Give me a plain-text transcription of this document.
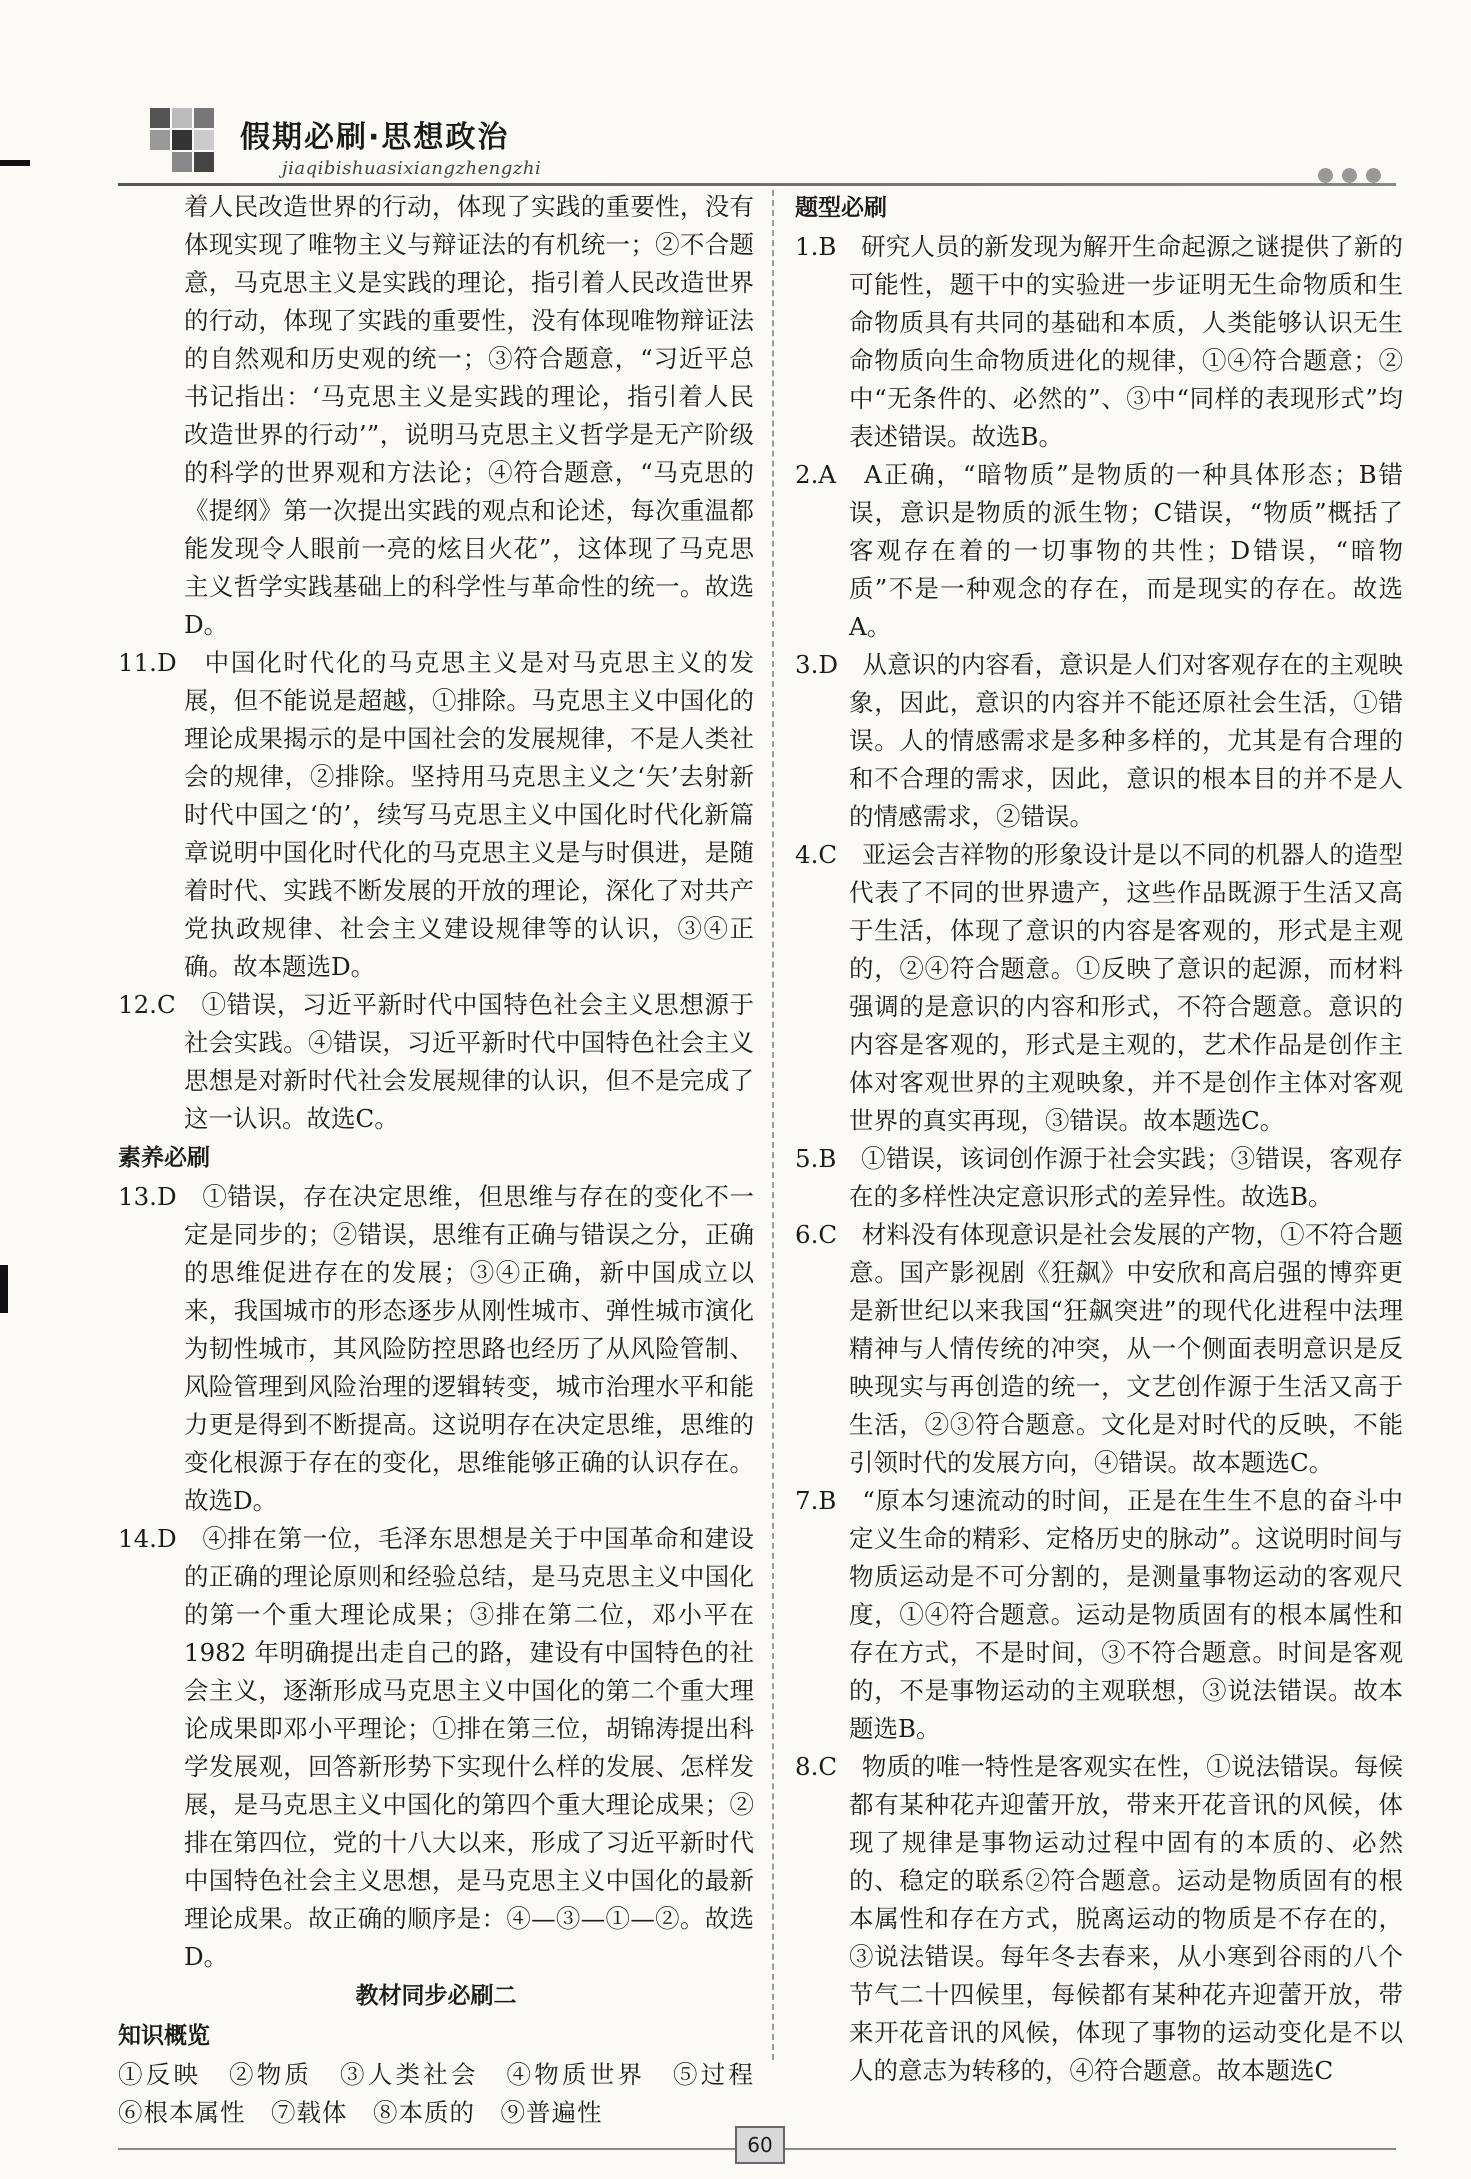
假期必刷·思想政治
jiaqibishuasixiangzhengzhi
着人民改造世界的行动，体现了实践的重要性，没有体现实现了唯物主义与辩证法的有机统一；②不合题意，马克思主义是实践的理论，指引着人民改造世界的行动，体现了实践的重要性，没有体现唯物辩证法的自然观和历史观的统一；③符合题意，“习近平总书记指出：‘马克思主义是实践的理论，指引着人民改造世界的行动’”，说明马克思主义哲学是无产阶级的科学的世界观和方法论；④符合题意，“马克思的《提纲》第一次提出实践的观点和论述，每次重温都能发现令人眼前一亮的炫目火花”，这体现了马克思主义哲学实践基础上的科学性与革命性的统一。故选D。
11.D　中国化时代化的马克思主义是对马克思主义的发展，但不能说是超越，①排除。马克思主义中国化的理论成果揭示的是中国社会的发展规律，不是人类社会的规律，②排除。坚持用马克思主义之‘矢’去射新时代中国之‘的’，续写马克思主义中国化时代化新篇章说明中国化时代化的马克思主义是与时俱进，是随着时代、实践不断发展的开放的理论，深化了对共产党执政规律、社会主义建设规律等的认识，③④正确。故本题选D。
12.C　①错误，习近平新时代中国特色社会主义思想源于社会实践。④错误，习近平新时代中国特色社会主义思想是对新时代社会发展规律的认识，但不是完成了这一认识。故选C。
素养必刷
13.D　①错误，存在决定思维，但思维与存在的变化不一定是同步的；②错误，思维有正确与错误之分，正确的思维促进存在的发展；③④正确，新中国成立以来，我国城市的形态逐步从刚性城市、弹性城市演化为韧性城市，其风险防控思路也经历了从风险管制、风险管理到风险治理的逻辑转变，城市治理水平和能力更是得到不断提高。这说明存在决定思维，思维的变化根源于存在的变化，思维能够正确的认识存在。故选D。
14.D　④排在第一位，毛泽东思想是关于中国革命和建设的正确的理论原则和经验总结，是马克思主义中国化的第一个重大理论成果；③排在第二位，邓小平在 1982 年明确提出走自己的路，建设有中国特色的社会主义，逐渐形成马克思主义中国化的第二个重大理论成果即邓小平理论；①排在第三位，胡锦涛提出科学发展观，回答新形势下实现什么样的发展、怎样发展，是马克思主义中国化的第四个重大理论成果；②排在第四位，党的十八大以来，形成了习近平新时代中国特色社会主义思想，是马克思主义中国化的最新理论成果。故正确的顺序是：④—③—①—②。故选D。
教材同步必刷二
知识概览
①反映　②物质　③人类社会　④物质世界　⑤过程　⑥根本属性　⑦载体　⑧本质的　⑨普遍性
题型必刷
1.B　研究人员的新发现为解开生命起源之谜提供了新的可能性，题干中的实验进一步证明无生命物质和生命物质具有共同的基础和本质，人类能够认识无生命物质向生命物质进化的规律，①④符合题意；②中“无条件的、必然的”、③中“同样的表现形式”均表述错误。故选B。
2.A　A正确，“暗物质”是物质的一种具体形态；B错误，意识是物质的派生物；C错误，“物质”概括了客观存在着的一切事物的共性；D错误，“暗物质”不是一种观念的存在，而是现实的存在。故选A。
3.D　从意识的内容看，意识是人们对客观存在的主观映象，因此，意识的内容并不能还原社会生活，①错误。人的情感需求是多种多样的，尤其是有合理的和不合理的需求，因此，意识的根本目的并不是人的情感需求，②错误。
4.C　亚运会吉祥物的形象设计是以不同的机器人的造型代表了不同的世界遗产，这些作品既源于生活又高于生活，体现了意识的内容是客观的，形式是主观的，②④符合题意。①反映了意识的起源，而材料强调的是意识的内容和形式，不符合题意。意识的内容是客观的，形式是主观的，艺术作品是创作主体对客观世界的主观映象，并不是创作主体对客观世界的真实再现，③错误。故本题选C。
5.B　①错误，该词创作源于社会实践；③错误，客观存在的多样性决定意识形式的差异性。故选B。
6.C　材料没有体现意识是社会发展的产物，①不符合题意。国产影视剧《狂飙》中安欣和高启强的博弈更是新世纪以来我国“狂飙突进”的现代化进程中法理精神与人情传统的冲突，从一个侧面表明意识是反映现实与再创造的统一，文艺创作源于生活又高于生活，②③符合题意。文化是对时代的反映，不能引领时代的发展方向，④错误。故本题选C。
7.B　“原本匀速流动的时间，正是在生生不息的奋斗中定义生命的精彩、定格历史的脉动”。这说明时间与物质运动是不可分割的，是测量事物运动的客观尺度，①④符合题意。运动是物质固有的根本属性和存在方式，不是时间，③不符合题意。时间是客观的，不是事物运动的主观联想，③说法错误。故本题选B。
8.C　物质的唯一特性是客观实在性，①说法错误。每候都有某种花卉迎蕾开放，带来开花音讯的风候，体现了规律是事物运动过程中固有的本质的、必然的、稳定的联系②符合题意。运动是物质固有的根本属性和存在方式，脱离运动的物质是不存在的，③说法错误。每年冬去春来，从小寒到谷雨的八个节气二十四候里，每候都有某种花卉迎蕾开放，带来开花音讯的风候，体现了事物的运动变化是不以人的意志为转移的，④符合题意。故本题选C
60
